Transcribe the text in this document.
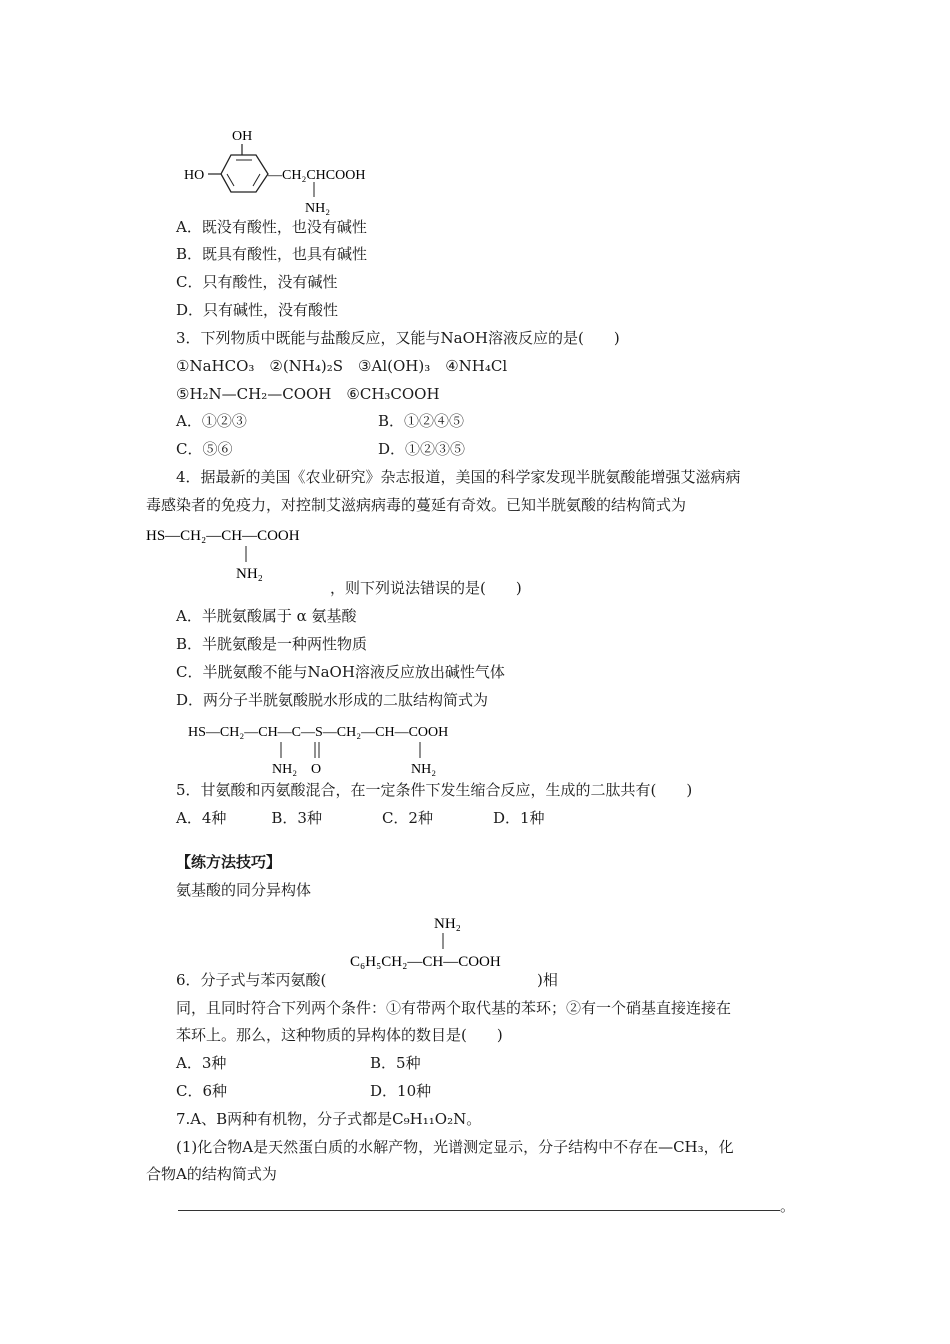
OH
HO	—CH₂CHCOOH
NH₂
A．既没有酸性，也没有碱性
B．既具有酸性，也具有碱性
C．只有酸性，没有碱性
D．只有碱性，没有酸性
3．下列物质中既能与盐酸反应，又能与NaOH溶液反应的是(　　)
①NaHCO₃　②(NH₄)₂S　③Al(OH)₃　④NH₄Cl
⑤H₂N—CH₂—COOH　⑥CH₃COOH
A．①②③	B．①②④⑤
C．⑤⑥	D．①②③⑤
4．据最新的美国《农业研究》杂志报道，美国的科学家发现半胱氨酸能增强艾滋病病
毒感染者的免疫力，对控制艾滋病病毒的蔓延有奇效。已知半胱氨酸的结构简式为
HS—CH₂—CH—COOH
NH₂
，则下列说法错误的是(　　)
A．半胱氨酸属于 α 氨基酸
B．半胱氨酸是一种两性物质
C．半胱氨酸不能与NaOH溶液反应放出碱性气体
D．两分子半胱氨酸脱水形成的二肽结构简式为
HS—CH₂—CH—C—S—CH₂—CH—COOH
NH₂ O	NH₂
5．甘氨酸和丙氨酸混合，在一定条件下发生缩合反应，生成的二肽共有(　　)
A．4种　　　B．3种　　　　C．2种　　　　D．1种
【练方法技巧】
氨基酸的同分异构体
NH₂
C₆H₅CH₂—CH—COOH
6．分子式与苯丙氨酸(	)相
同，且同时符合下列两个条件：①有带两个取代基的苯环；②有一个硝基直接连接在
苯环上。那么，这种物质的异构体的数目是(　　)
A．3种	B．5种
C．6种	D．10种
7.A、B两种有机物，分子式都是C₉H₁₁O₂N。
(1)化合物A是天然蛋白质的水解产物，光谱测定显示，分子结构中不存在—CH₃，化
合物A的结构简式为
。
